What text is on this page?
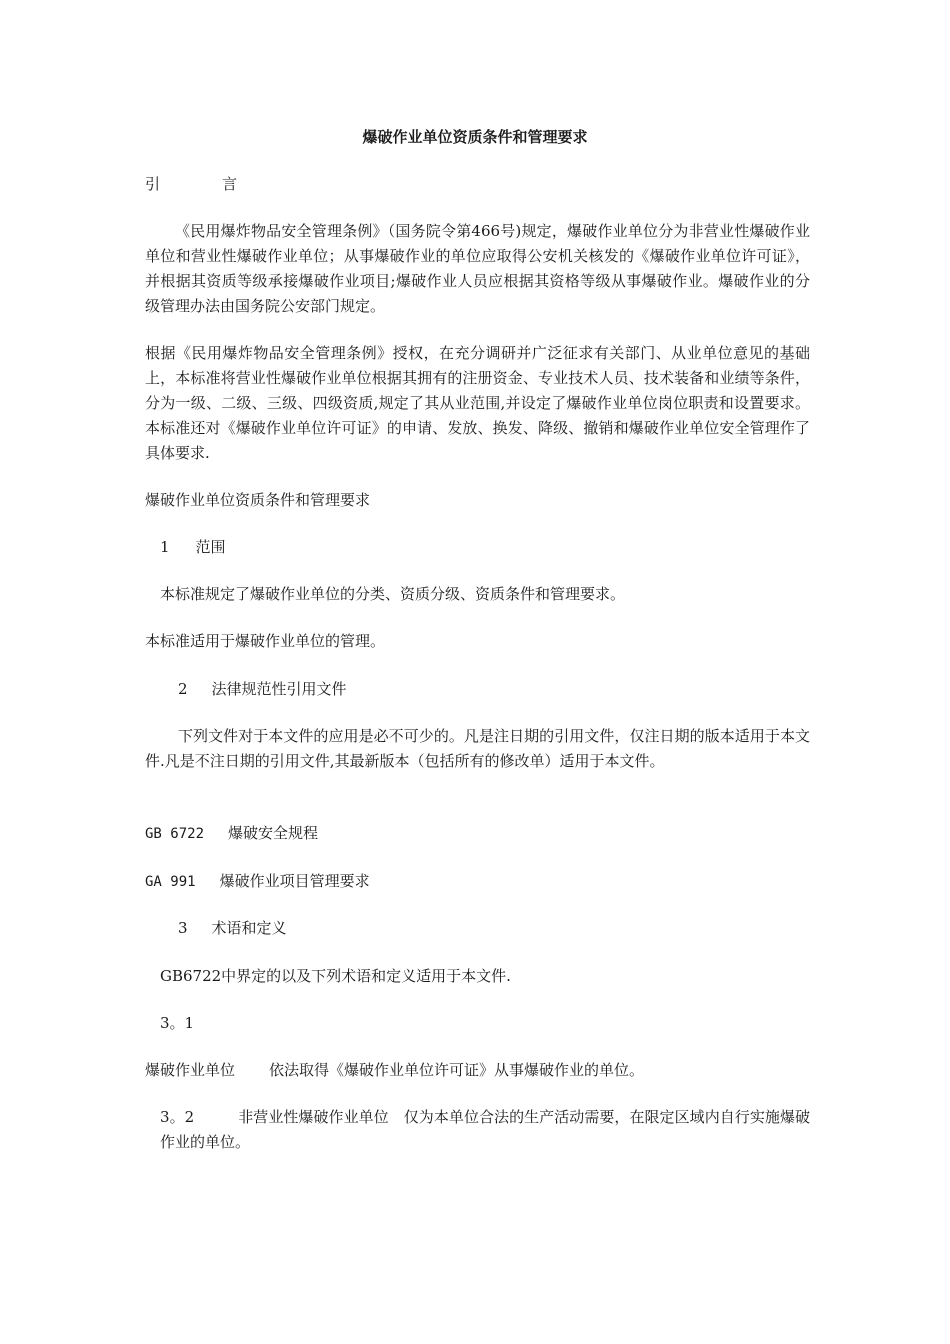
爆破作业单位资质条件和管理要求
引	言
《民用爆炸物品安全管理条例》（国务院令第466号)规定，爆破作业单位分为非营业性爆破作业单位和营业性爆破作业单位；从事爆破作业的单位应取得公安机关核发的《爆破作业单位许可证》，并根据其资质等级承接爆破作业项目;爆破作业人员应根据其资格等级从事爆破作业。爆破作业的分级管理办法由国务院公安部门规定。
根据《民用爆炸物品安全管理条例》授权，在充分调研并广泛征求有关部门、从业单位意见的基础上，本标准将营业性爆破作业单位根据其拥有的注册资金、专业技术人员、技术装备和业绩等条件，分为一级、二级、三级、四级资质,规定了其从业范围,并设定了爆破作业单位岗位职责和设置要求。本标准还对《爆破作业单位许可证》的申请、发放、换发、降级、撤销和爆破作业单位安全管理作了具体要求.
爆破作业单位资质条件和管理要求
1 范围
本标准规定了爆破作业单位的分类、资质分级、资质条件和管理要求。
本标准适用于爆破作业单位的管理。
2 法律规范性引用文件
下列文件对于本文件的应用是必不可少的。凡是注日期的引用文件，仅注日期的版本适用于本文件.凡是不注日期的引用文件,其最新版本（包括所有的修改单）适用于本文件。
GB 6722 爆破安全规程
GA 991 爆破作业项目管理要求
3 术语和定义
GB6722中界定的以及下列术语和定义适用于本文件.
3。1
爆破作业单位 依法取得《爆破作业单位许可证》从事爆破作业的单位。
3。2	非营业性爆破作业单位　仅为本单位合法的生产活动需要，在限定区域内自行实施爆破作业的单位。
